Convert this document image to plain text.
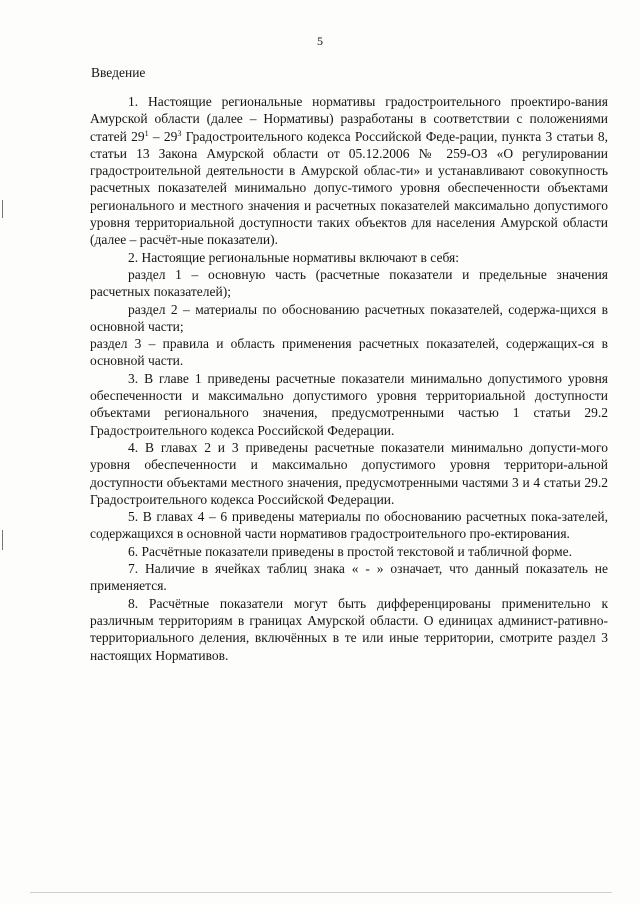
5
Введение

1. Настоящие региональные нормативы градостроительного проектиро-вания Амурской области (далее – Нормативы) разработаны в соответствии с положениями статей $29^1 - 29^3$ Градостроительного кодекса Российской Феде-рации, пункта 3 статьи 8, статьи 13 Закона Амурской области от 05.12.2006 № 259-ОЗ «О регулировании градостроительной деятельности в Амурской облас-ти» и устанавливают совокупность расчетных показателей минимально допус-тимого уровня обеспеченности объектами регионального и местного значения и расчетных показателей максимально допустимого уровня территориальной доступности таких объектов для населения Амурской области (далее – расчёт-ные показатели).

2. Настоящие региональные нормативы включают в себя:

раздел 1 – основную часть (расчетные показатели и предельные значения расчетных показателей);

раздел 2 – материалы по обоснованию расчетных показателей, содержа-щихся в основной части;

раздел 3 – правила и область применения расчетных показателей, содержащих-ся в основной части.

3. В главе 1 приведены расчетные показатели минимально допустимого уровня обеспеченности и максимально допустимого уровня территориальной доступности объектами регионального значения, предусмотренными частью 1 статьи 29.2 Градостроительного кодекса Российской Федерации.

4. В главах 2 и 3 приведены расчетные показатели минимально допусти-мого уровня обеспеченности и максимально допустимого уровня территори-альной доступности объектами местного значения, предусмотренными частями 3 и 4 статьи 29.2 Градостроительного кодекса Российской Федерации.

5. В главах 4 – 6 приведены материалы по обоснованию расчетных пока-зателей, содержащихся в основной части нормативов градостроительного про-ектирования.

6. Расчётные показатели приведены в простой текстовой и табличной форме.

7. Наличие в ячейках таблиц знака « - » означает, что данный показатель не применяется.

8. Расчётные показатели могут быть дифференцированы применительно к различным территориям в границах Амурской области. О единицах админист-ративно-территориального деления, включённых в те или иные территории, смотрите раздел 3 настоящих Нормативов.
